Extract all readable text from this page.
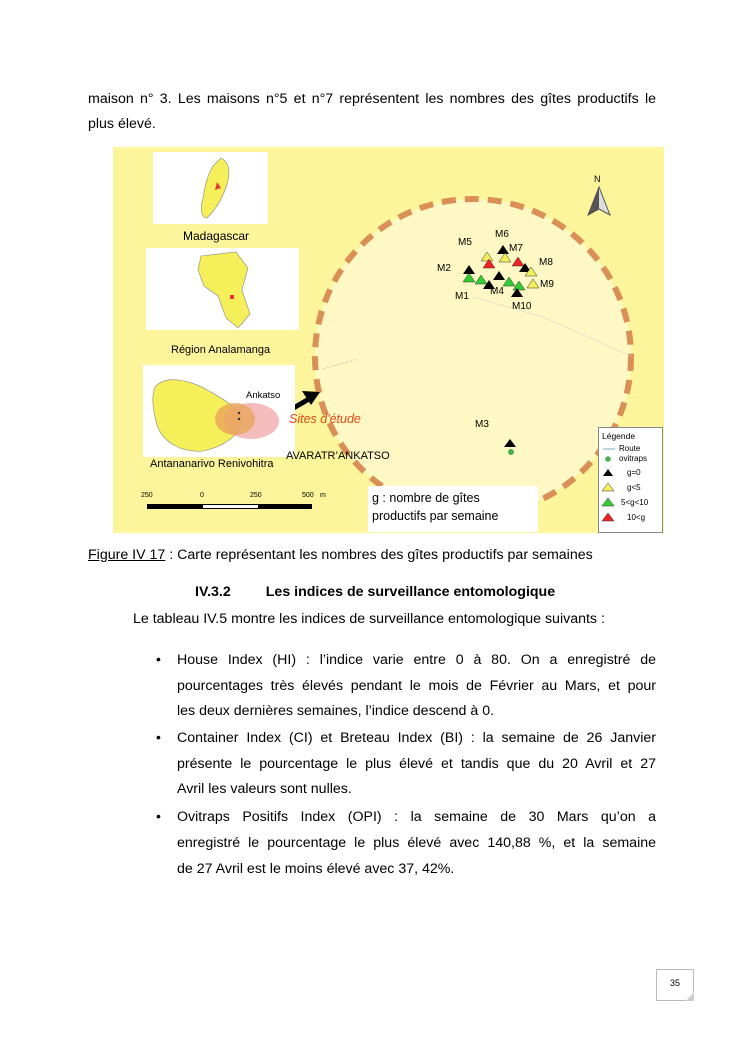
maison n° 3. Les maisons n°5 et n°7 représentent les nombres des gîtes productifs le
plus élevé.
Madagascar
Région Analamanga
Ankatso
Antananarivo Renivohitra
Sites d'étude
AVARATR’ANKATSO
N
250	0	250	500 m
M1
M2
M3
M4
M5
M6
M7
M8
M9
M10
g : nombre de gîtes
productifs par semaine
Légende
Route
ovitraps
g=0
g<5
5<g<10
10<g
Figure IV 17 : Carte représentant les nombres des gîtes productifs par semaines
IV.3.2 Les indices de surveillance entomologique
Le tableau IV.5 montre les indices de surveillance entomologique suivants :
• House Index (HI) : l’indice varie entre 0 à 80. On a enregistré de
pourcentages très élevés pendant le mois de Février au Mars, et pour
les deux dernières semaines, l’indice descend à 0.
• Container Index (CI) et Breteau Index (BI) : la semaine de 26 Janvier
présente le pourcentage le plus élevé et tandis que du 20 Avril et 27
Avril les valeurs sont nulles.
• Ovitraps Positifs Index (OPI) : la semaine de 30 Mars qu’on a
enregistré le pourcentage le plus élevé avec 140,88 %, et la semaine
de 27 Avril est le moins élevé avec 37, 42%.
35
